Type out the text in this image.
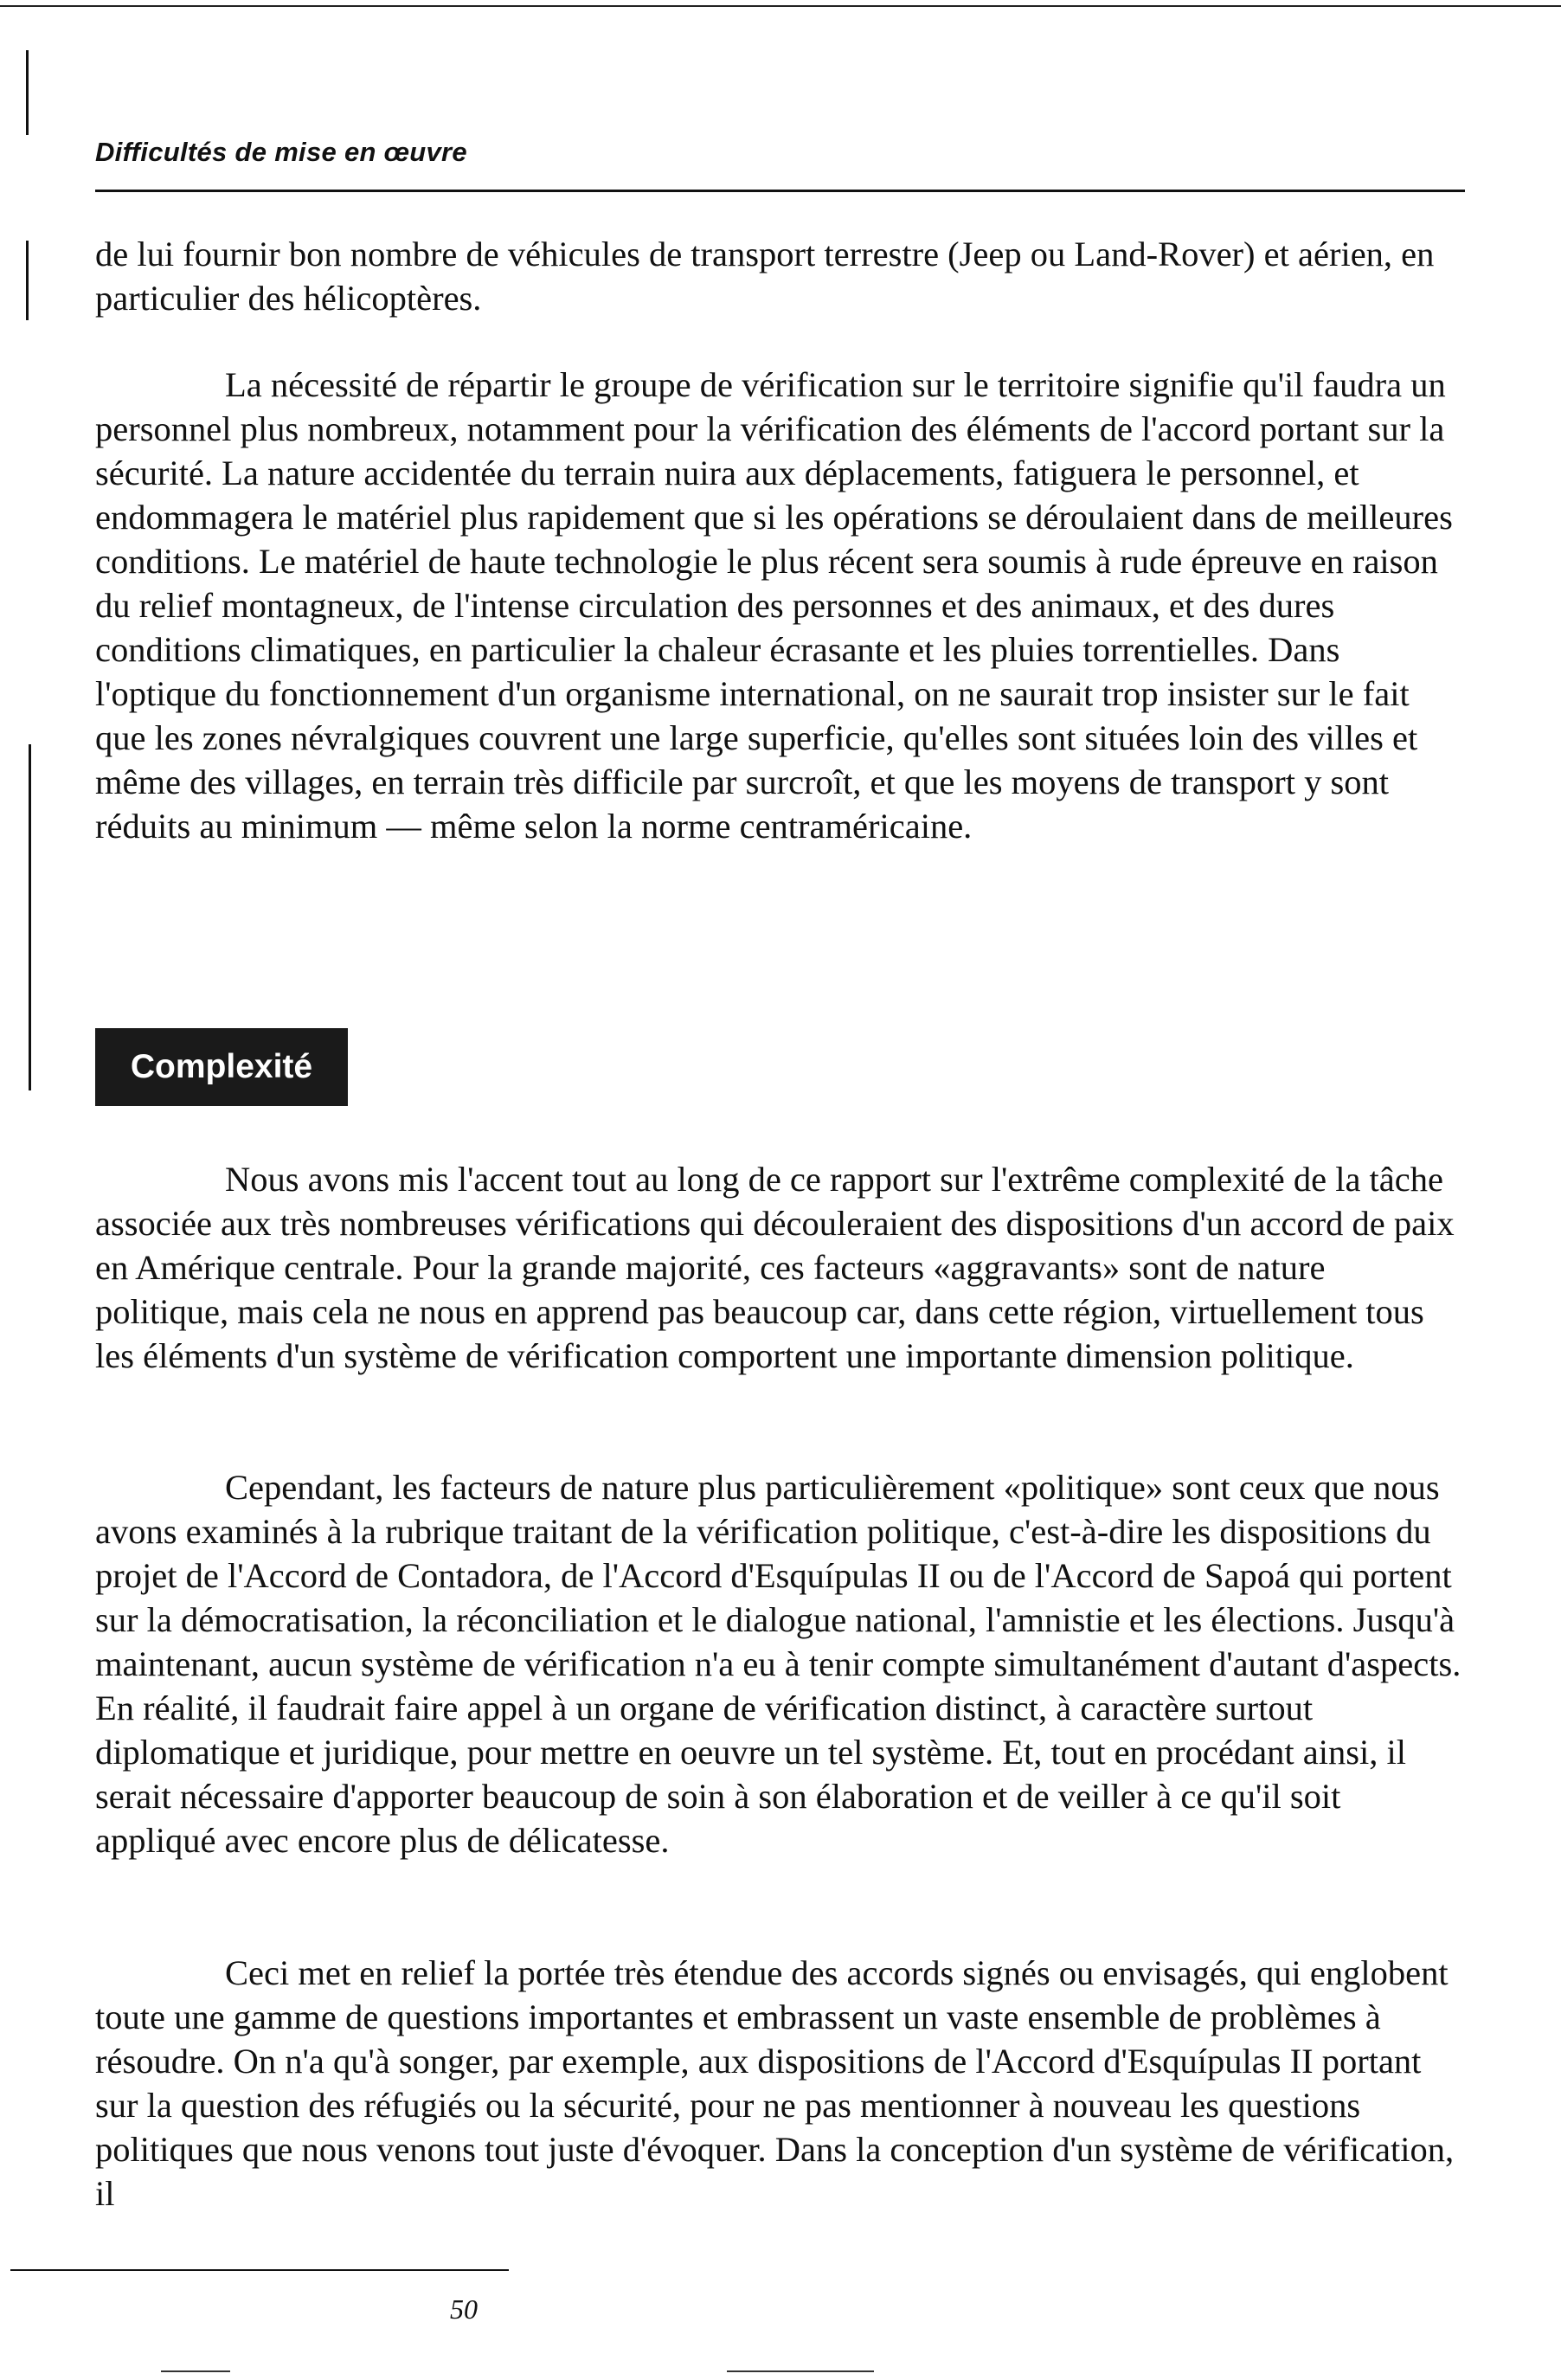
Difficultés de mise en œuvre

de lui fournir bon nombre de véhicules de transport terrestre (Jeep ou Land-Rover) et aérien, en particulier des hélicoptères.

La nécessité de répartir le groupe de vérification sur le territoire signifie qu'il faudra un personnel plus nombreux, notamment pour la vérification des éléments de l'accord portant sur la sécurité. La nature accidentée du terrain nuira aux déplacements, fatiguera le personnel, et endommagera le matériel plus rapidement que si les opérations se déroulaient dans de meilleures conditions. Le matériel de haute technologie le plus récent sera soumis à rude épreuve en raison du relief montagneux, de l'intense circulation des personnes et des animaux, et des dures conditions climatiques, en particulier la chaleur écrasante et les pluies torrentielles. Dans l'optique du fonctionnement d'un organisme international, on ne saurait trop insister sur le fait que les zones névralgiques couvrent une large superficie, qu'elles sont situées loin des villes et même des villages, en terrain très difficile par surcroît, et que les moyens de transport y sont réduits au minimum — même selon la norme centraméricaine.

Complexité

Nous avons mis l'accent tout au long de ce rapport sur l'extrême complexité de la tâche associée aux très nombreuses vérifications qui découleraient des dispositions d'un accord de paix en Amérique centrale. Pour la grande majorité, ces facteurs «aggravants» sont de nature politique, mais cela ne nous en apprend pas beaucoup car, dans cette région, virtuellement tous les éléments d'un système de vérification comportent une importante dimension politique.

Cependant, les facteurs de nature plus particulièrement «politique» sont ceux que nous avons examinés à la rubrique traitant de la vérification politique, c'est-à-dire les dispositions du projet de l'Accord de Contadora, de l'Accord d'Esquípulas II ou de l'Accord de Sapoá qui portent sur la démocratisation, la réconciliation et le dialogue national, l'amnistie et les élections. Jusqu'à maintenant, aucun système de vérification n'a eu à tenir compte simultanément d'autant d'aspects. En réalité, il faudrait faire appel à un organe de vérification distinct, à caractère surtout diplomatique et juridique, pour mettre en oeuvre un tel système. Et, tout en procédant ainsi, il serait nécessaire d'apporter beaucoup de soin à son élaboration et de veiller à ce qu'il soit appliqué avec encore plus de délicatesse.

Ceci met en relief la portée très étendue des accords signés ou envisagés, qui englobent toute une gamme de questions importantes et embrassent un vaste ensemble de problèmes à résoudre. On n'a qu'à songer, par exemple, aux dispositions de l'Accord d'Esquípulas II portant sur la question des réfugiés ou la sécurité, pour ne pas mentionner à nouveau les questions politiques que nous venons tout juste d'évoquer. Dans la conception d'un système de vérification, il

50
